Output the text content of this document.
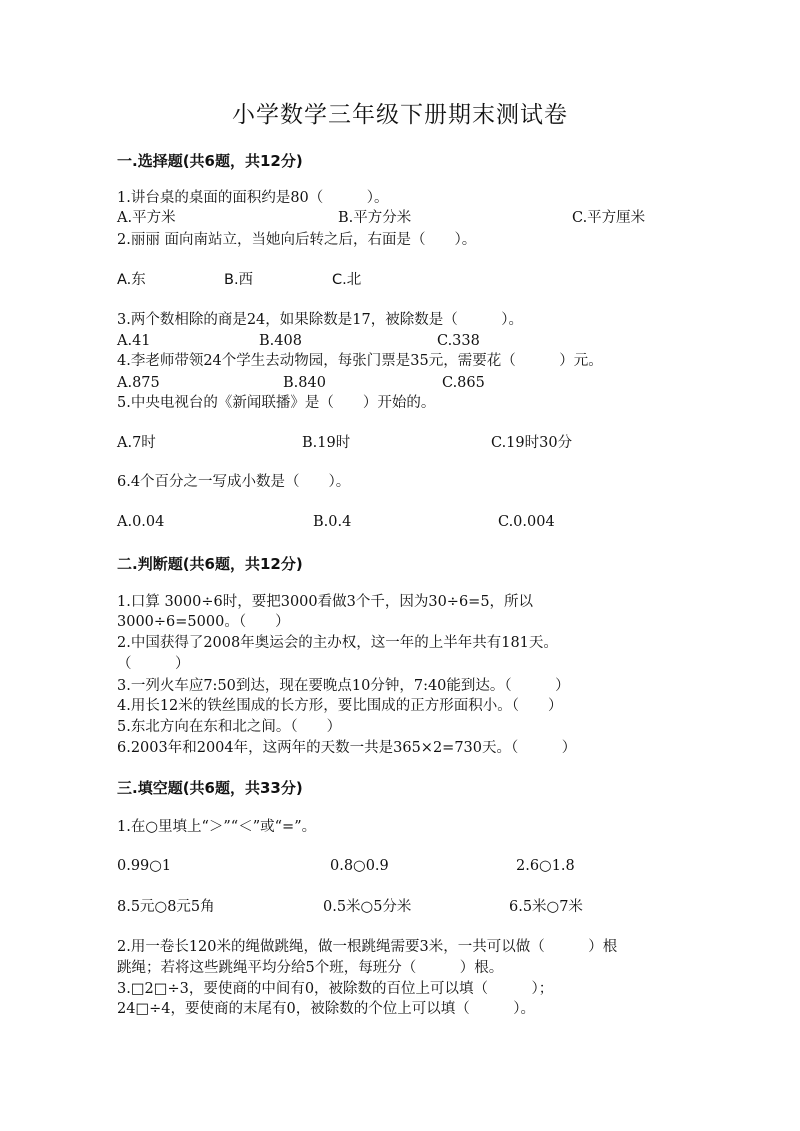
小学数学三年级下册期末测试卷
一.选择题(共6题，共12分)
1.讲台桌的桌面的面积约是80（　　　）。
A.平方米	B.平方分米	C.平方厘米
2.丽丽 面向南站立，当她向后转之后，右面是（　　）。
A.东	B.西	C.北
3.两个数相除的商是24，如果除数是17，被除数是（　　　）。
A.41	B.408	C.338
4.李老师带领24个学生去动物园，每张门票是35元，需要花（　　　）元。
A.875	B.840	C.865
5.中央电视台的《新闻联播》是（　　）开始的。
A.7时	B.19时	C.19时30分
6.4个百分之一写成小数是（　　）。
A.0.04	B.0.4	C.0.004
二.判断题(共6题，共12分)
1.口算 3000÷6时，要把3000看做3个千，因为30÷6=5，所以
3000÷6=5000。（　　）
2.中国获得了2008年奥运会的主办权，这一年的上半年共有181天。
（　　　）
3.一列火车应7:50到达，现在要晚点10分钟，7:40能到达。（　　　）
4.用长12米的铁丝围成的长方形，要比围成的正方形面积小。（　　）
5.东北方向在东和北之间。（　　）
6.2003年和2004年，这两年的天数一共是365×2=730天。（　　　）
三.填空题(共6题，共33分)
1.在○里填上“＞”“＜”或“=”。
0.99○1	0.8○0.9	2.6○1.8
8.5元○8元5角	0.5米○5分米	6.5米○7米
2.用一卷长120米的绳做跳绳，做一根跳绳需要3米，一共可以做（　　　）根
跳绳；若将这些跳绳平均分给5个班，每班分（　　　）根。
3.□2□÷3，要使商的中间有0，被除数的百位上可以填（　　　）；
24□÷4，要使商的末尾有0，被除数的个位上可以填（　　　）。
